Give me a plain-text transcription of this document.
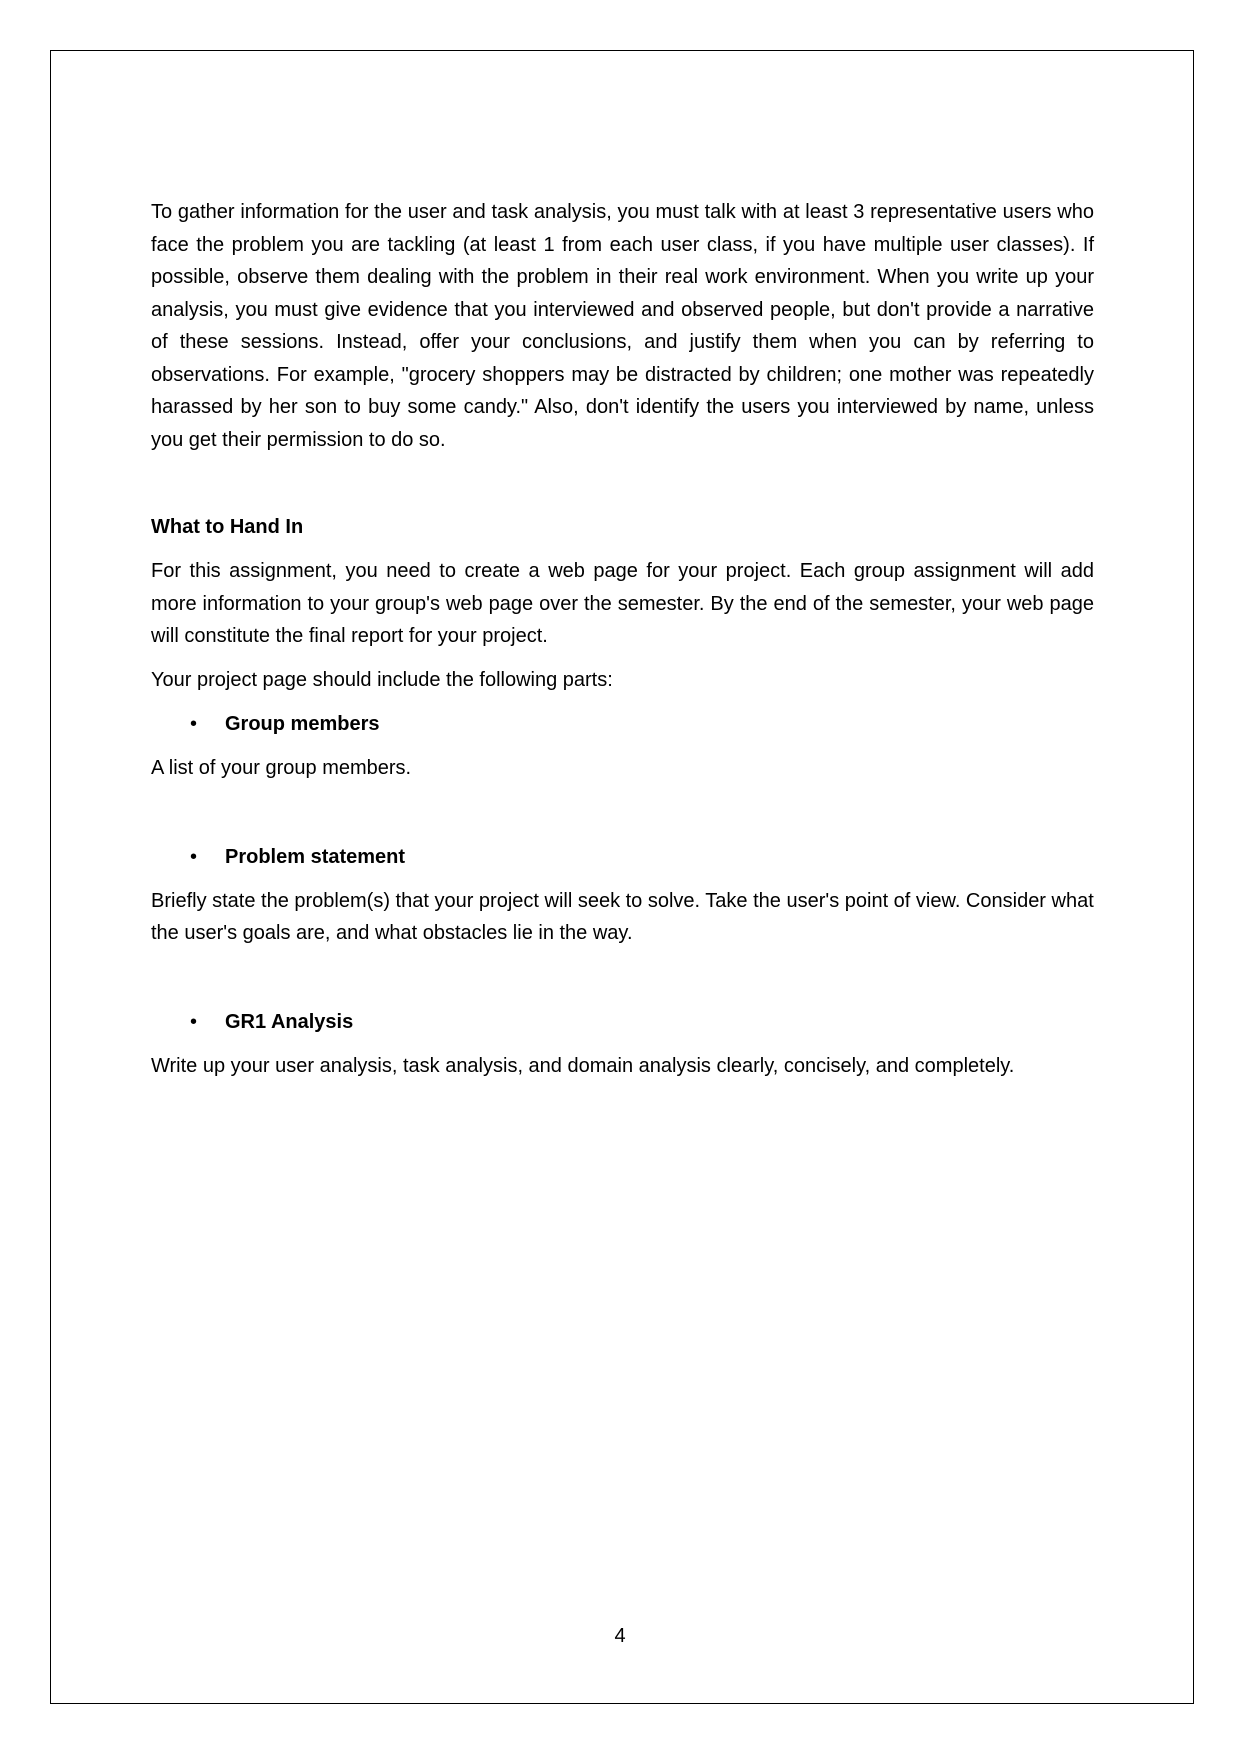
To gather information for the user and task analysis, you must talk with at least 3 representative users who face the problem you are tackling (at least 1 from each user class, if you have multiple user classes). If possible, observe them dealing with the problem in their real work environment. When you write up your analysis, you must give evidence that you interviewed and observed people, but don't provide a narrative of these sessions. Instead, offer your conclusions, and justify them when you can by referring to observations. For example, "grocery shoppers may be distracted by children; one mother was repeatedly harassed by her son to buy some candy." Also, don't identify the users you interviewed by name, unless you get their permission to do so.

What to Hand In

For this assignment, you need to create a web page for your project. Each group assignment will add more information to your group's web page over the semester. By the end of the semester, your web page will constitute the final report for your project.

Your project page should include the following parts:

• Group members

A list of your group members.

• Problem statement

Briefly state the problem(s) that your project will seek to solve. Take the user's point of view. Consider what the user's goals are, and what obstacles lie in the way.

• GR1 Analysis

Write up your user analysis, task analysis, and domain analysis clearly, concisely, and completely.

4
